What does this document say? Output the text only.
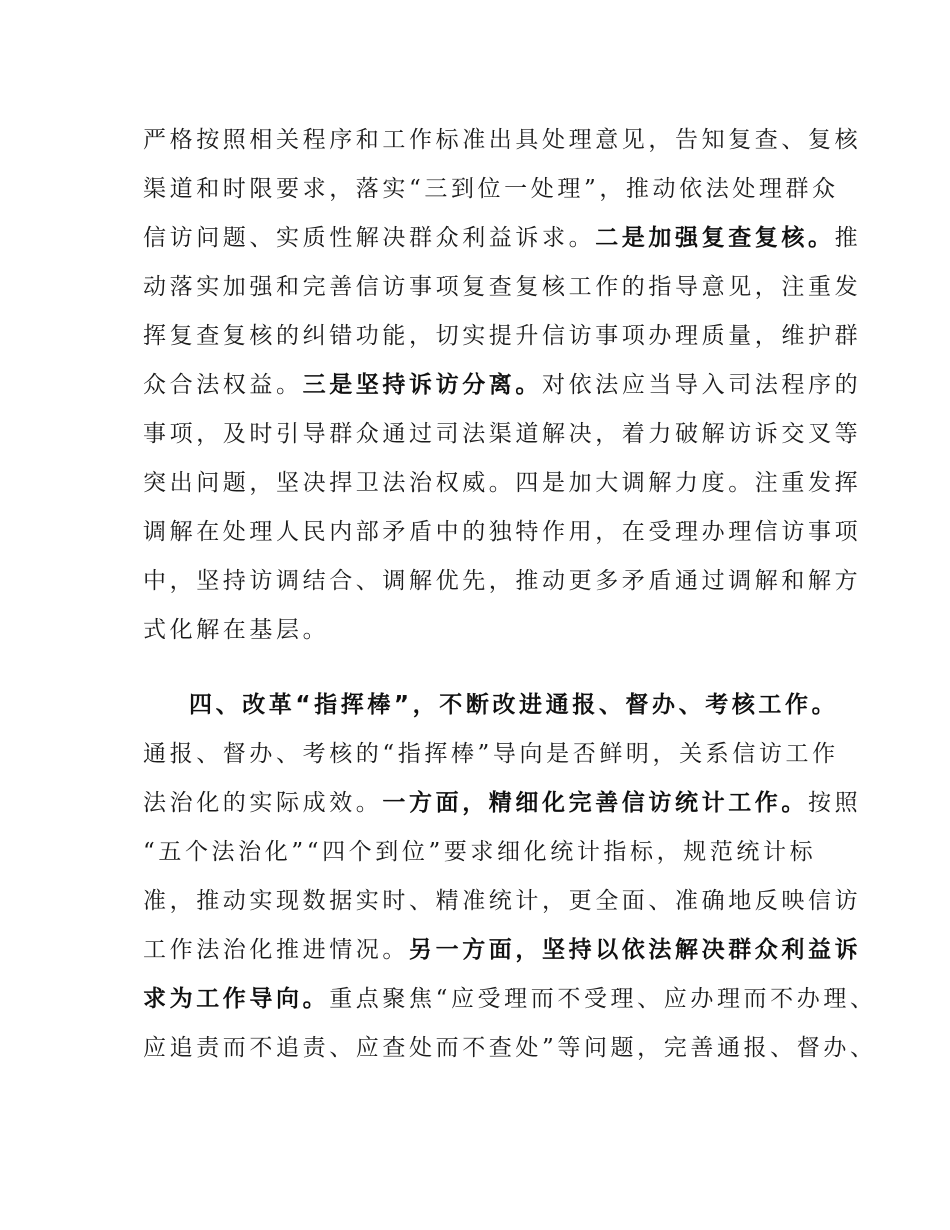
严格按照相关程序和工作标准出具处理意见，告知复查、复核
渠道和时限要求，落实“三到位一处理”，推动依法处理群众
信访问题、实质性解决群众利益诉求。二是加强复查复核。推
动落实加强和完善信访事项复查复核工作的指导意见，注重发
挥复查复核的纠错功能，切实提升信访事项办理质量，维护群
众合法权益。三是坚持诉访分离。对依法应当导入司法程序的
事项，及时引导群众通过司法渠道解决，着力破解访诉交叉等
突出问题，坚决捍卫法治权威。四是加大调解力度。注重发挥
调解在处理人民内部矛盾中的独特作用，在受理办理信访事项
中，坚持访调结合、调解优先，推动更多矛盾通过调解和解方
式化解在基层。
四、改革“指挥棒”，不断改进通报、督办、考核工作。
通报、督办、考核的“指挥棒”导向是否鲜明，关系信访工作
法治化的实际成效。一方面，精细化完善信访统计工作。按照
“五个法治化”“四个到位”要求细化统计指标，规范统计标
准，推动实现数据实时、精准统计，更全面、准确地反映信访
工作法治化推进情况。另一方面，坚持以依法解决群众利益诉
求为工作导向。重点聚焦“应受理而不受理、应办理而不办理、
应追责而不追责、应查处而不查处”等问题，完善通报、督办、
